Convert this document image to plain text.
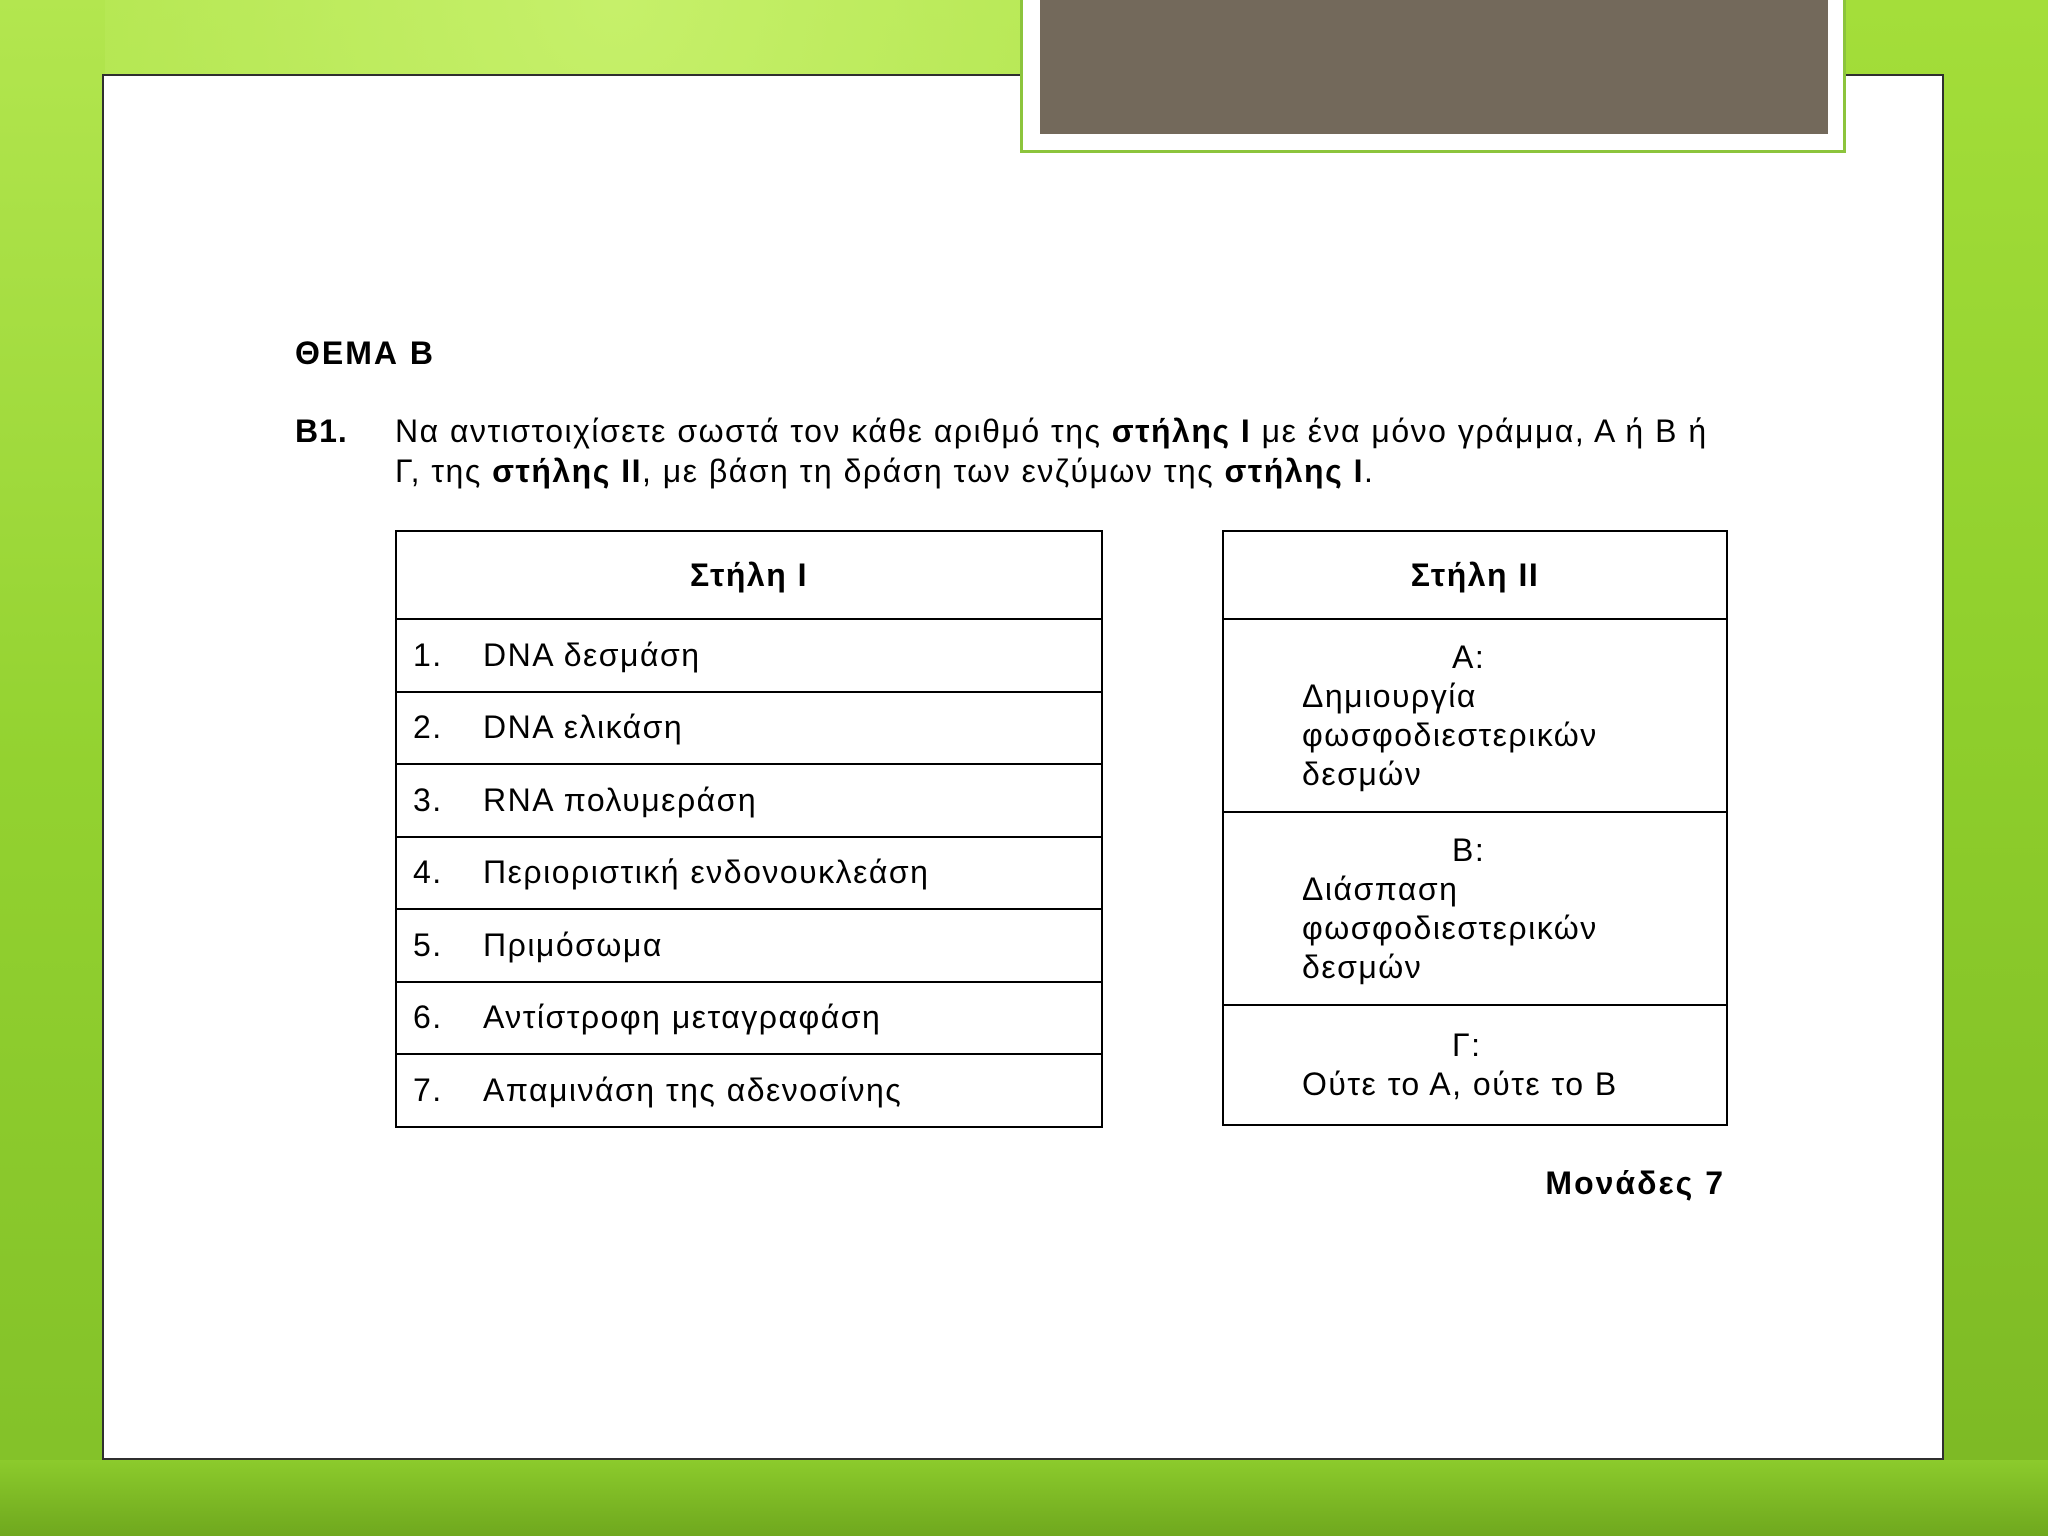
ΘΕΜΑ Β
Β1. Να αντιστοιχίσετε σωστά τον κάθε αριθμό της στήλης Ι με ένα μόνο γράμμα, Α ή Β ή Γ, της στήλης ΙΙ, με βάση τη δράση των ενζύμων της στήλης Ι.
Στήλη Ι
1. DNA δεσμάση
2. DNA ελικάση
3. RNA πολυμεράση
4. Περιοριστική ενδονουκλεάση
5. Πριμόσωμα
6. Αντίστροφη μεταγραφάση
7. Απαμινάση της αδενοσίνης
Στήλη ΙΙ

Α:
Δημιουργία
φωσφοδιεστερικών
δεσμών

Β:
Διάσπαση
φωσφοδιεστερικών
δεσμών

Γ:
Ούτε το Α, ούτε το Β
Μονάδες 7
